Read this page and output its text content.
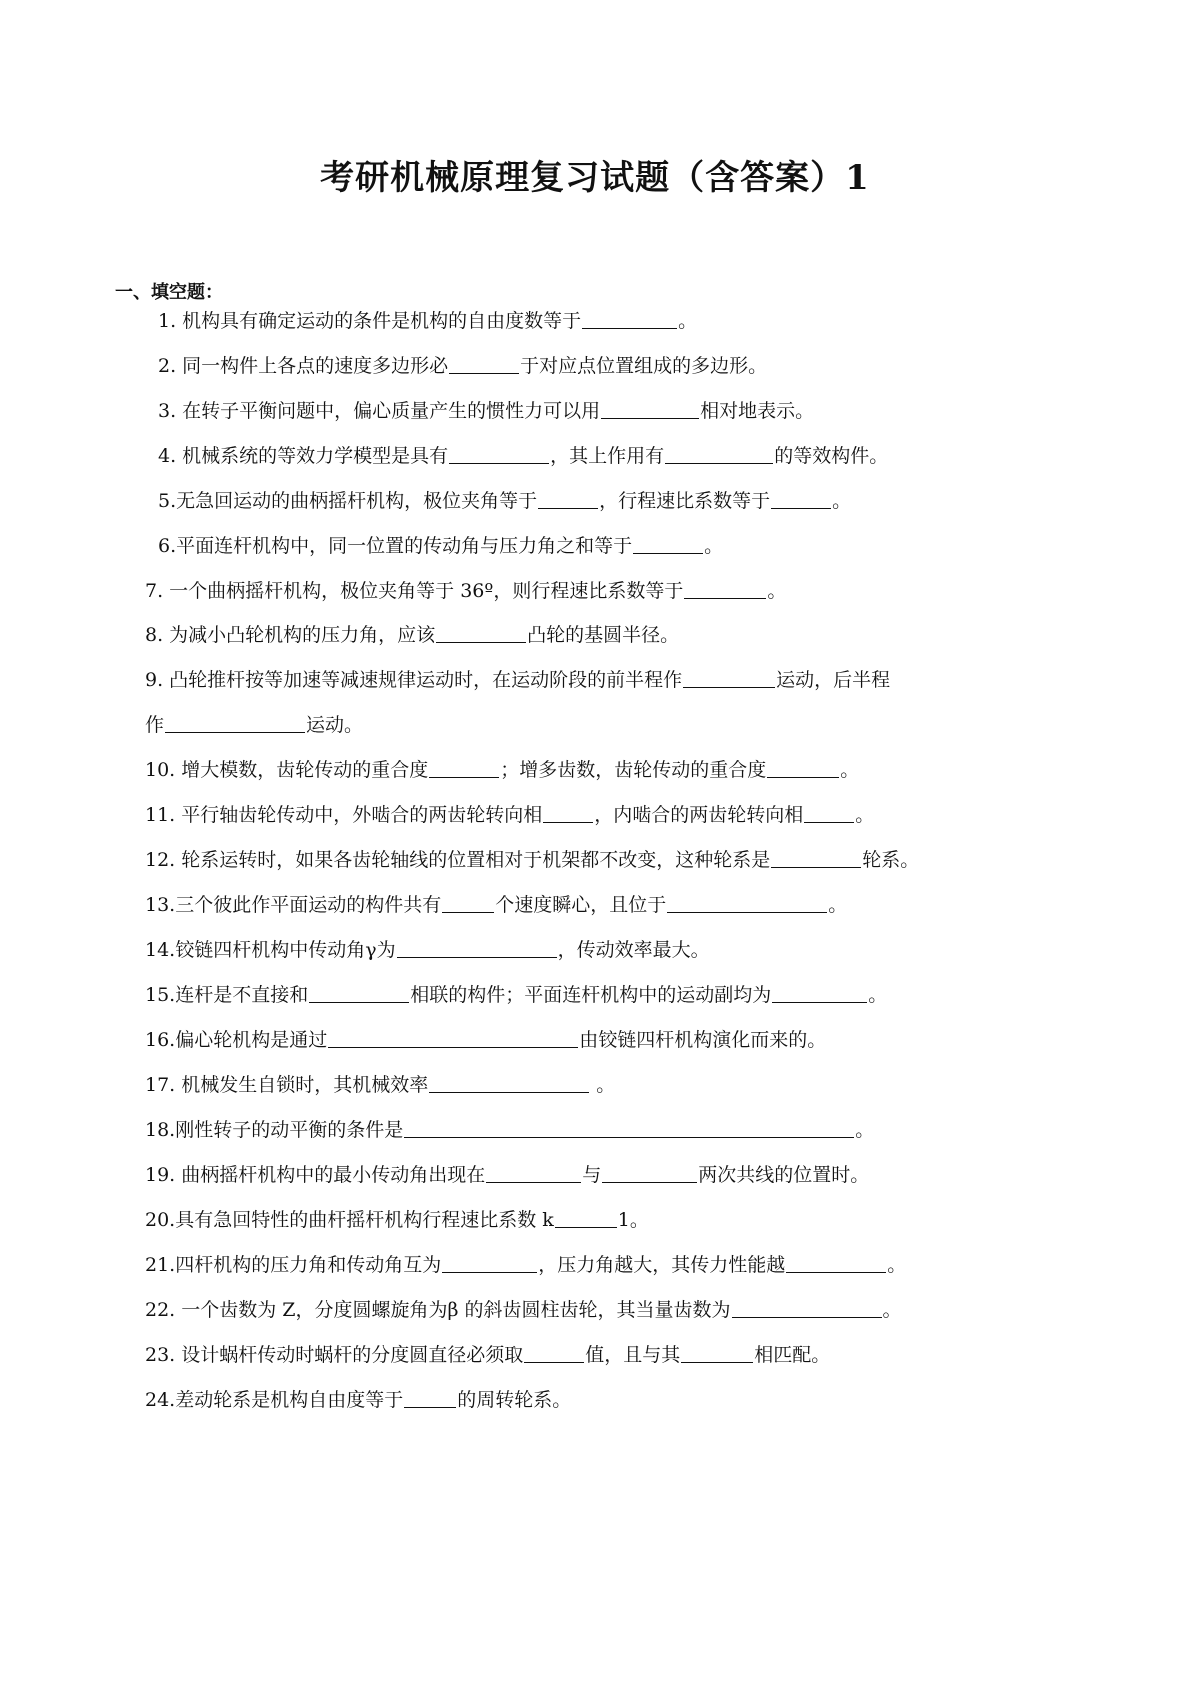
考研机械原理复习试题（含答案）1
一、填空题：
1. 机构具有确定运动的条件是机构的自由度数等于	。
2. 同一构件上各点的速度多边形必	于对应点位置组成的多边形。
3. 在转子平衡问题中，偏心质量产生的惯性力可以用	相对地表示。
4. 机械系统的等效力学模型是具有	，其上作用有	的等效构件。
5.无急回运动的曲柄摇杆机构，极位夹角等于	，行程速比系数等于	。
6.平面连杆机构中，同一位置的传动角与压力角之和等于	。
7. 一个曲柄摇杆机构，极位夹角等于 36º，则行程速比系数等于	。
8. 为减小凸轮机构的压力角，应该	凸轮的基圆半径。
9. 凸轮推杆按等加速等减速规律运动时，在运动阶段的前半程作	运动，后半程
作	运动。
10. 增大模数，齿轮传动的重合度	；增多齿数，齿轮传动的重合度	。
11. 平行轴齿轮传动中，外啮合的两齿轮转向相	，内啮合的两齿轮转向相	。
12. 轮系运转时，如果各齿轮轴线的位置相对于机架都不改变，这种轮系是	轮系。
13.三个彼此作平面运动的构件共有	个速度瞬心，且位于	。
14.铰链四杆机构中传动角γ为	，传动效率最大。
15.连杆是不直接和	相联的构件；平面连杆机构中的运动副均为	。
16.偏心轮机构是通过	由铰链四杆机构演化而来的。
17. 机械发生自锁时，其机械效率	。
18.刚性转子的动平衡的条件是	。
19. 曲柄摇杆机构中的最小传动角出现在	与	两次共线的位置时。
20.具有急回特性的曲杆摇杆机构行程速比系数 k	1。
21.四杆机构的压力角和传动角互为	，压力角越大，其传力性能越	。
22. 一个齿数为 Z，分度圆螺旋角为β 的斜齿圆柱齿轮，其当量齿数为	。
23. 设计蜗杆传动时蜗杆的分度圆直径必须取	值，且与其	相匹配。
24.差动轮系是机构自由度等于	的周转轮系。
